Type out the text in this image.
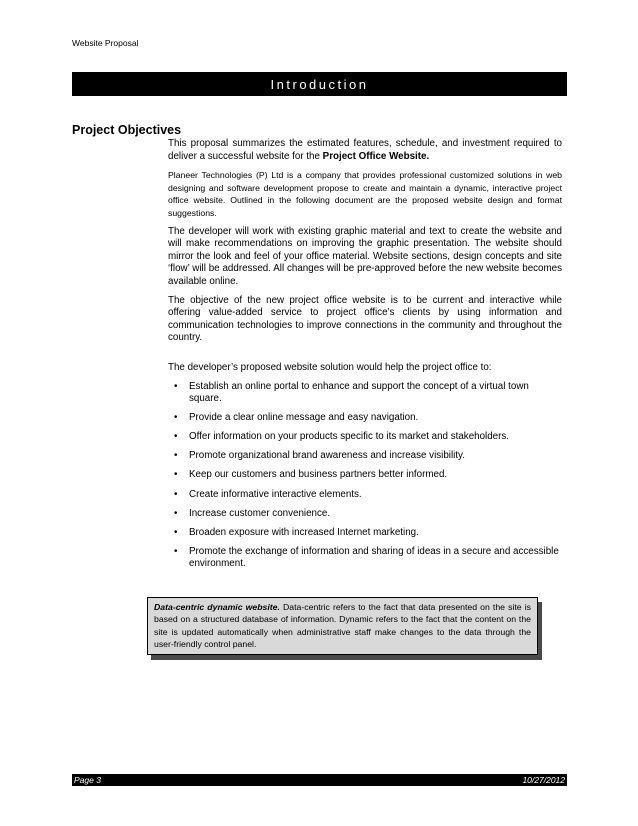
Website Proposal
Introduction
Project Objectives

This proposal summarizes the estimated features, schedule, and investment required to deliver a successful website for the Project Office Website.

Planeer Technologies (P) Ltd is a company that provides professional customized solutions in web designing and software development propose to create and maintain a dynamic, interactive project office website. Outlined in the following document are the proposed website design and format suggestions.

The developer will work with existing graphic material and text to create the website and will make recommendations on improving the graphic presentation. The website should mirror the look and feel of your office material. Website sections, design concepts and site ‘flow’ will be addressed. All changes will be pre-approved before the new website becomes available online.

The objective of the new project office website is to be current and interactive while offering value-added service to project office’s clients by using information and communication technologies to improve connections in the community and throughout the country.

The developer’s proposed website solution would help the project office to:

• Establish an online portal to enhance and support the concept of a virtual town square.
• Provide a clear online message and easy navigation.
• Offer information on your products specific to its market and stakeholders.
• Promote organizational brand awareness and increase visibility.
• Keep our customers and business partners better informed.
• Create informative interactive elements.
• Increase customer convenience.
• Broaden exposure with increased Internet marketing.
• Promote the exchange of information and sharing of ideas in a secure and accessible environment.
Data-centric dynamic website. Data-centric refers to the fact that data presented on the site is based on a structured database of information. Dynamic refers to the fact that the content on the site is updated automatically when administrative staff make changes to the data through the user-friendly control panel.
Page 3	10/27/2012
